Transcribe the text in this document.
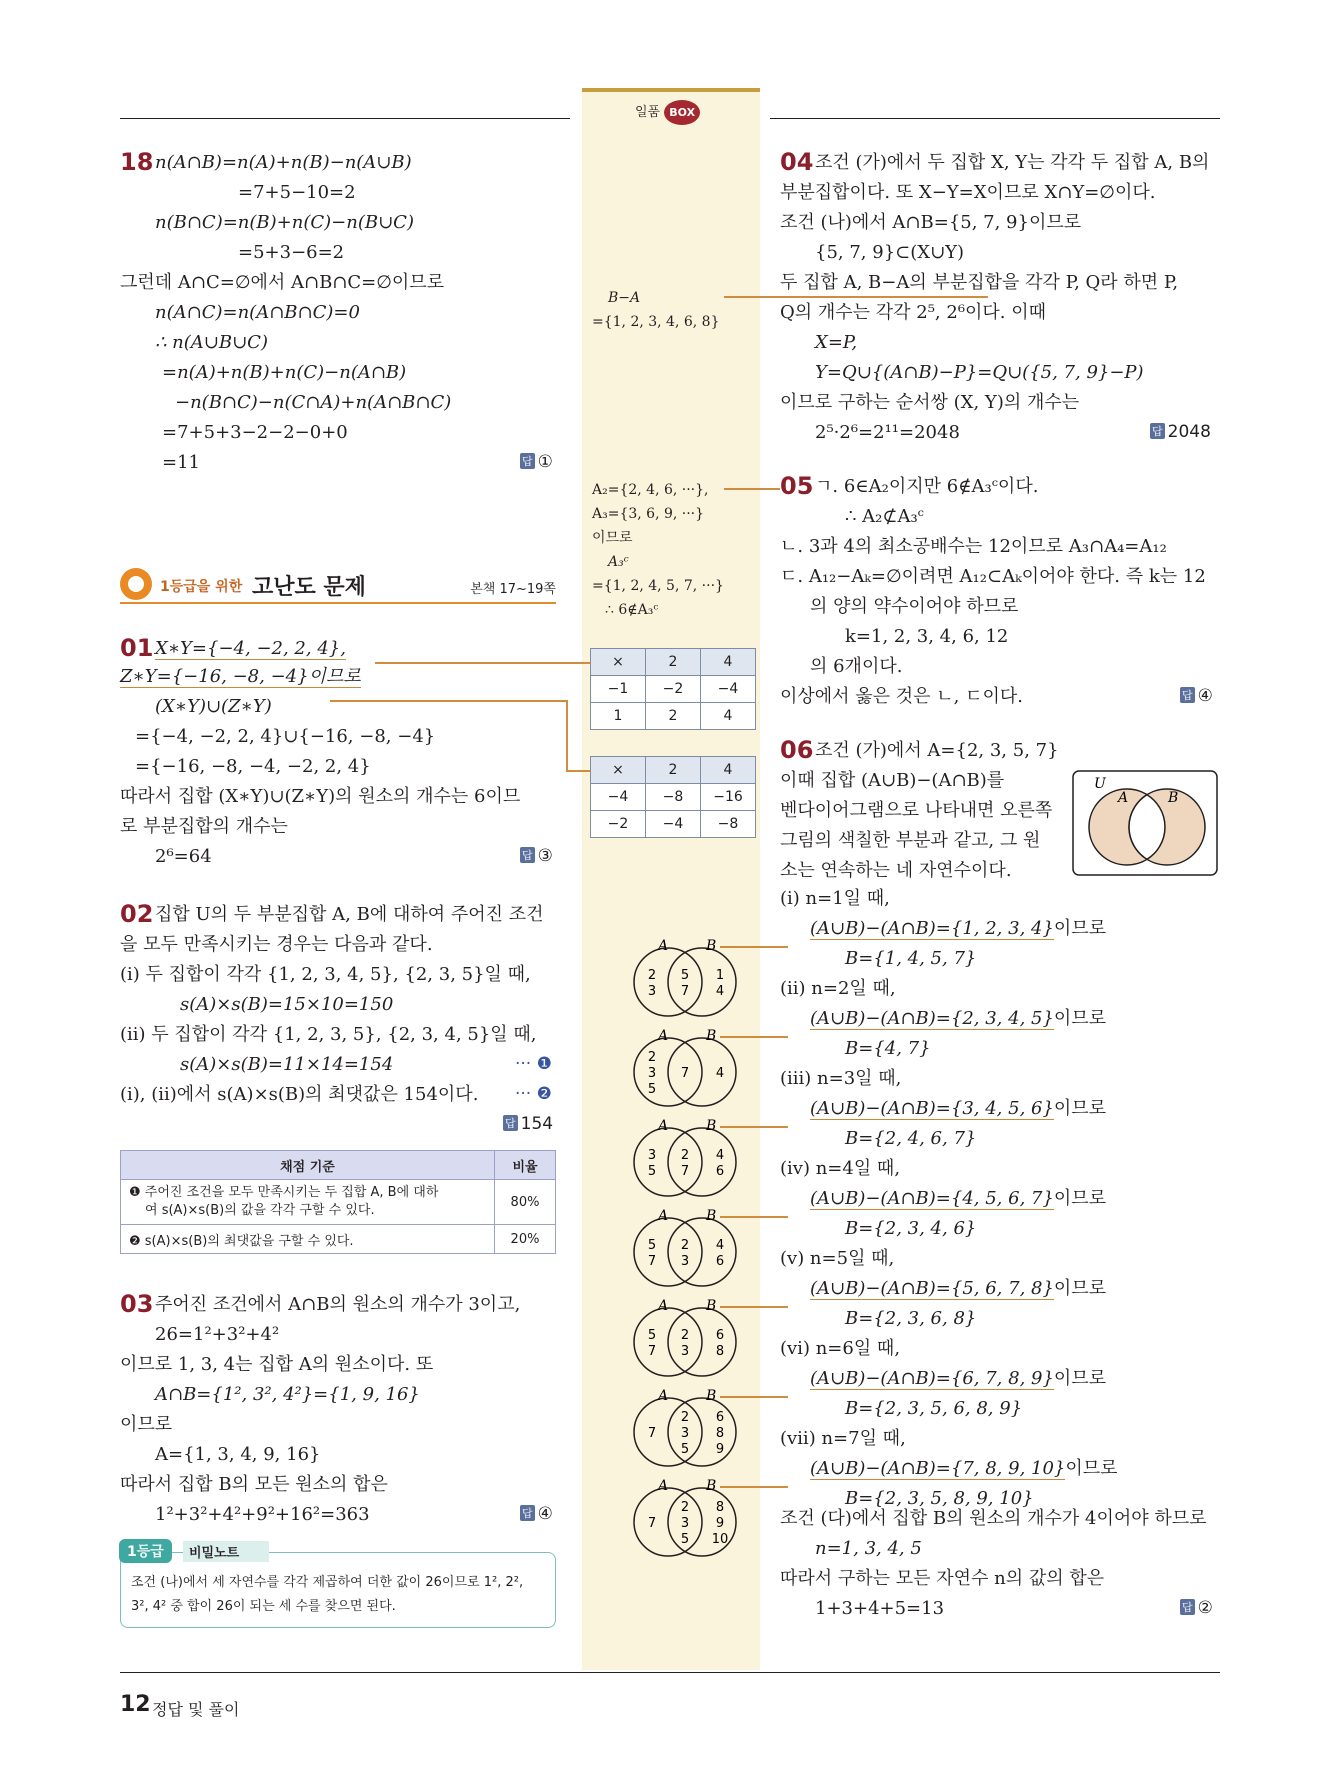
일품 BOX
18 n(A∩B)=n(A)+n(B)−n(A∪B)
=7+5−10=2
n(B∩C)=n(B)+n(C)−n(B∪C)
=5+3−6=2
그런데 A∩C=∅에서 A∩B∩C=∅이므로
n(A∩C)=n(A∩B∩C)=0
∴ n(A∪B∪C)
=n(A)+n(B)+n(C)−n(A∩B)
−n(B∩C)−n(C∩A)+n(A∩B∩C)
=7+5+3−2−2−0+0
=11	답 ①
1등급을 위한 고난도 문제	본책 17~19쪽
01 X∗Y={−4, −2, 2, 4},
Z∗Y={−16, −8, −4}이므로
(X∗Y)∪(Z∗Y)
={−4, −2, 2, 4}∪{−16, −8, −4}
={−16, −8, −4, −2, 2, 4}
따라서 집합 (X∗Y)∪(Z∗Y)의 원소의 개수는 6이므
로 부분집합의 개수는
2⁶=64	답 ③
02 집합 U의 두 부분집합 A, B에 대하여 주어진 조건
을 모두 만족시키는 경우는 다음과 같다.
(ⅰ) 두 집합이 각각 {1, 2, 3, 4, 5}, {2, 3, 5}일 때,
s(A)×s(B)=15×10=150
(ⅱ) 두 집합이 각각 {1, 2, 3, 5}, {2, 3, 4, 5}일 때,
s(A)×s(B)=11×14=154	··· ❶
(ⅰ), (ⅱ)에서 s(A)×s(B)의 최댓값은 154이다. ··· ❷
답 154
채점 기준	비율

❶ 주어진 조건을 모두 만족시키는 두 집합 A, B에 대하
여 s(A)×s(B)의 값을 각각 구할 수 있다.	80%
❷ s(A)×s(B)의 최댓값을 구할 수 있다.	20%
03 주어진 조건에서 A∩B의 원소의 개수가 3이고,
26=1²+3²+4²
이므로 1, 3, 4는 집합 A의 원소이다. 또
A∩B={1², 3², 4²}={1, 9, 16}
이므로
A={1, 3, 4, 9, 16}
따라서 집합 B의 모든 원소의 합은
1²+3²+4²+9²+16²=363	답 ④
1등급	비밀노트
조건 (나)에서 세 자연수를 각각 제곱하여 더한 값이 26이므로 1², 2²,
3², 4² 중 합이 26이 되는 세 수를 찾으면 된다.
B−A
={1, 2, 3, 4, 6, 8}
A₂={2, 4, 6, ···},
A₃={3, 6, 9, ···}
이므로
A₃ᶜ
={1, 2, 4, 5, 7, ···}
∴ 6∉A₃ᶜ
×	2	4
−1	−2	−4
1	2	4
×	2	4
−4	−8	−16
−2	−4	−8
A	B
2
3
5
7
1
4
A	B
2
3
5
7 4
A	B
3
5
2
7
4
6
A	B
5
7
2
3
4
6
A	B
5
7
2
3
6
8
A	B
7
2
3
5
6
8
9
A	B
7
2
3
5
8
9
10
04 조건 (가)에서 두 집합 X, Y는 각각 두 집합 A, B의
부분집합이다. 또 X−Y=X이므로 X∩Y=∅이다.
조건 (나)에서 A∩B={5, 7, 9}이므로
{5, 7, 9}⊂(X∪Y)
두 집합 A, B−A의 부분집합을 각각 P, Q라 하면 P,
Q의 개수는 각각 2⁵, 2⁶이다. 이때
X=P,
Y=Q∪{(A∩B)−P}=Q∪({5, 7, 9}−P)
이므로 구하는 순서쌍 (X, Y)의 개수는
2⁵·2⁶=2¹¹=2048	답 2048
05 ㄱ. 6∈A₂이지만 6∉A₃ᶜ이다.
∴ A₂⊄A₃ᶜ
ㄴ. 3과 4의 최소공배수는 12이므로 A₃∩A₄=A₁₂
ㄷ. A₁₂−Aₖ=∅이려면 A₁₂⊂Aₖ이어야 한다. 즉 k는 12
의 양의 약수이어야 하므로
k=1, 2, 3, 4, 6, 12
의 6개이다.
이상에서 옳은 것은 ㄴ, ㄷ이다.	답 ④
06 조건 (가)에서 A={2, 3, 5, 7}
이때 집합 (A∪B)−(A∩B)를
벤다이어그램으로 나타내면 오른쪽
그림의 색칠한 부분과 같고, 그 원
소는 연속하는 네 자연수이다.
U
A	B
(ⅰ) n=1일 때,
(A∪B)−(A∩B)={1, 2, 3, 4}이므로
B={1, 4, 5, 7}
(ⅱ) n=2일 때,
(A∪B)−(A∩B)={2, 3, 4, 5}이므로
B={4, 7}
(ⅲ) n=3일 때,
(A∪B)−(A∩B)={3, 4, 5, 6}이므로
B={2, 4, 6, 7}
(ⅳ) n=4일 때,
(A∪B)−(A∩B)={4, 5, 6, 7}이므로
B={2, 3, 4, 6}
(ⅴ) n=5일 때,
(A∪B)−(A∩B)={5, 6, 7, 8}이므로
B={2, 3, 6, 8}
(ⅵ) n=6일 때,
(A∪B)−(A∩B)={6, 7, 8, 9}이므로
B={2, 3, 5, 6, 8, 9}
(ⅶ) n=7일 때,
(A∪B)−(A∩B)={7, 8, 9, 10}이므로
B={2, 3, 5, 8, 9, 10}
조건 (다)에서 집합 B의 원소의 개수가 4이어야 하므로
n=1, 3, 4, 5
따라서 구하는 모든 자연수 n의 값의 합은
1+3+4+5=13	답 ②
12 정답 및 풀이
